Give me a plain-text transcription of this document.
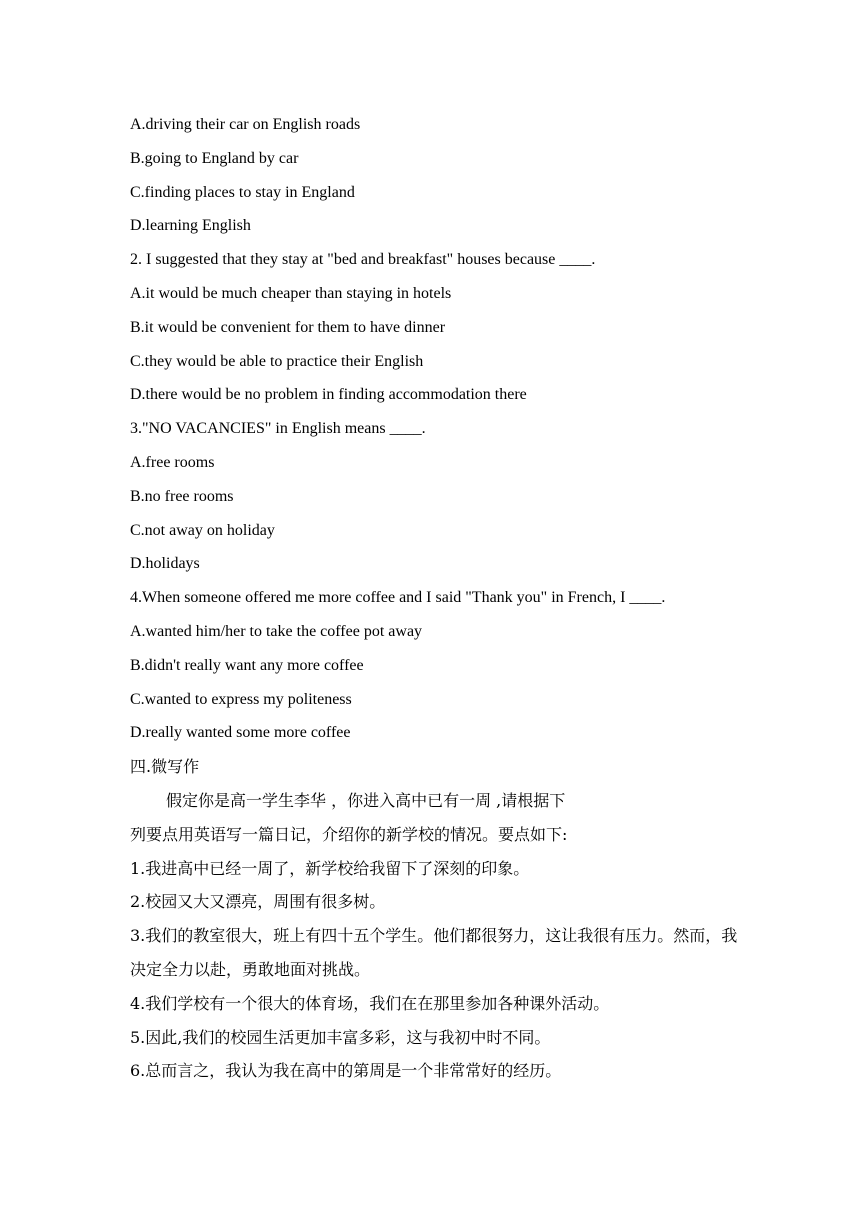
A.driving their car on English roads
B.going to England by car
C.finding places to stay in England
D.learning English
2. I suggested that they stay at "bed and breakfast" houses because ____.
A.it would be much cheaper than staying in hotels
B.it would be convenient for them to have dinner
C.they would be able to practice their English
D.there would be no problem in finding accommodation there
3."NO VACANCIES" in English means ____.
A.free rooms
B.no free rooms
C.not away on holiday
D.holidays
4.When someone offered me more coffee and I said "Thank you" in French, I ____.
A.wanted him/her to take the coffee pot away
B.didn't really want any more coffee
C.wanted to express my politeness
D.really wanted some more coffee
四.微写作
假定你是高一学生李华 ，你进入高中已有一周 ,请根据下
列要点用英语写一篇日记，介绍你的新学校的情况。要点如下:
1.我进高中已经一周了，新学校给我留下了深刻的印象。
2.校园又大又漂亮，周围有很多树。
3.我们的教室很大，班上有四十五个学生。他们都很努力，这让我很有压力。然而，我决定全力以赴，勇敢地面对挑战。
4.我们学校有一个很大的体育场，我们在在那里参加各种课外活动。
5.因此,我们的校园生活更加丰富多彩，这与我初中时不同。
6.总而言之，我认为我在高中的第周是一个非常常好的经历。
